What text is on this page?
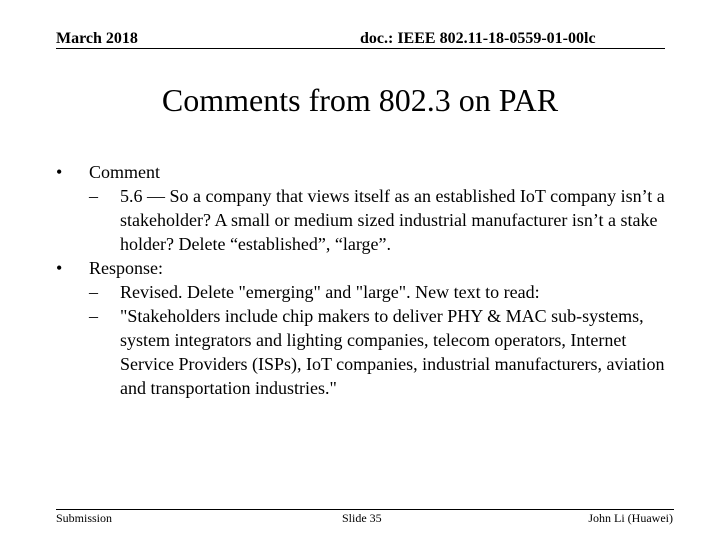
March 2018	doc.: IEEE 802.11-18-0559-01-00lc
Comments from 802.3 on PAR
•	Comment
–	5.6 — So a company that views itself as an established IoT company isn’t a stakeholder? A small or medium sized industrial manufacturer isn’t a stake holder? Delete “established”, “large”.
•	Response:
–	Revised. Delete "emerging" and "large". New text to read:
–	"Stakeholders include chip makers to deliver PHY & MAC sub-systems, system integrators and lighting companies, telecom operators, Internet Service Providers (ISPs), IoT companies, industrial manufacturers, aviation and transportation industries."
Submission	Slide 35	John Li (Huawei)
